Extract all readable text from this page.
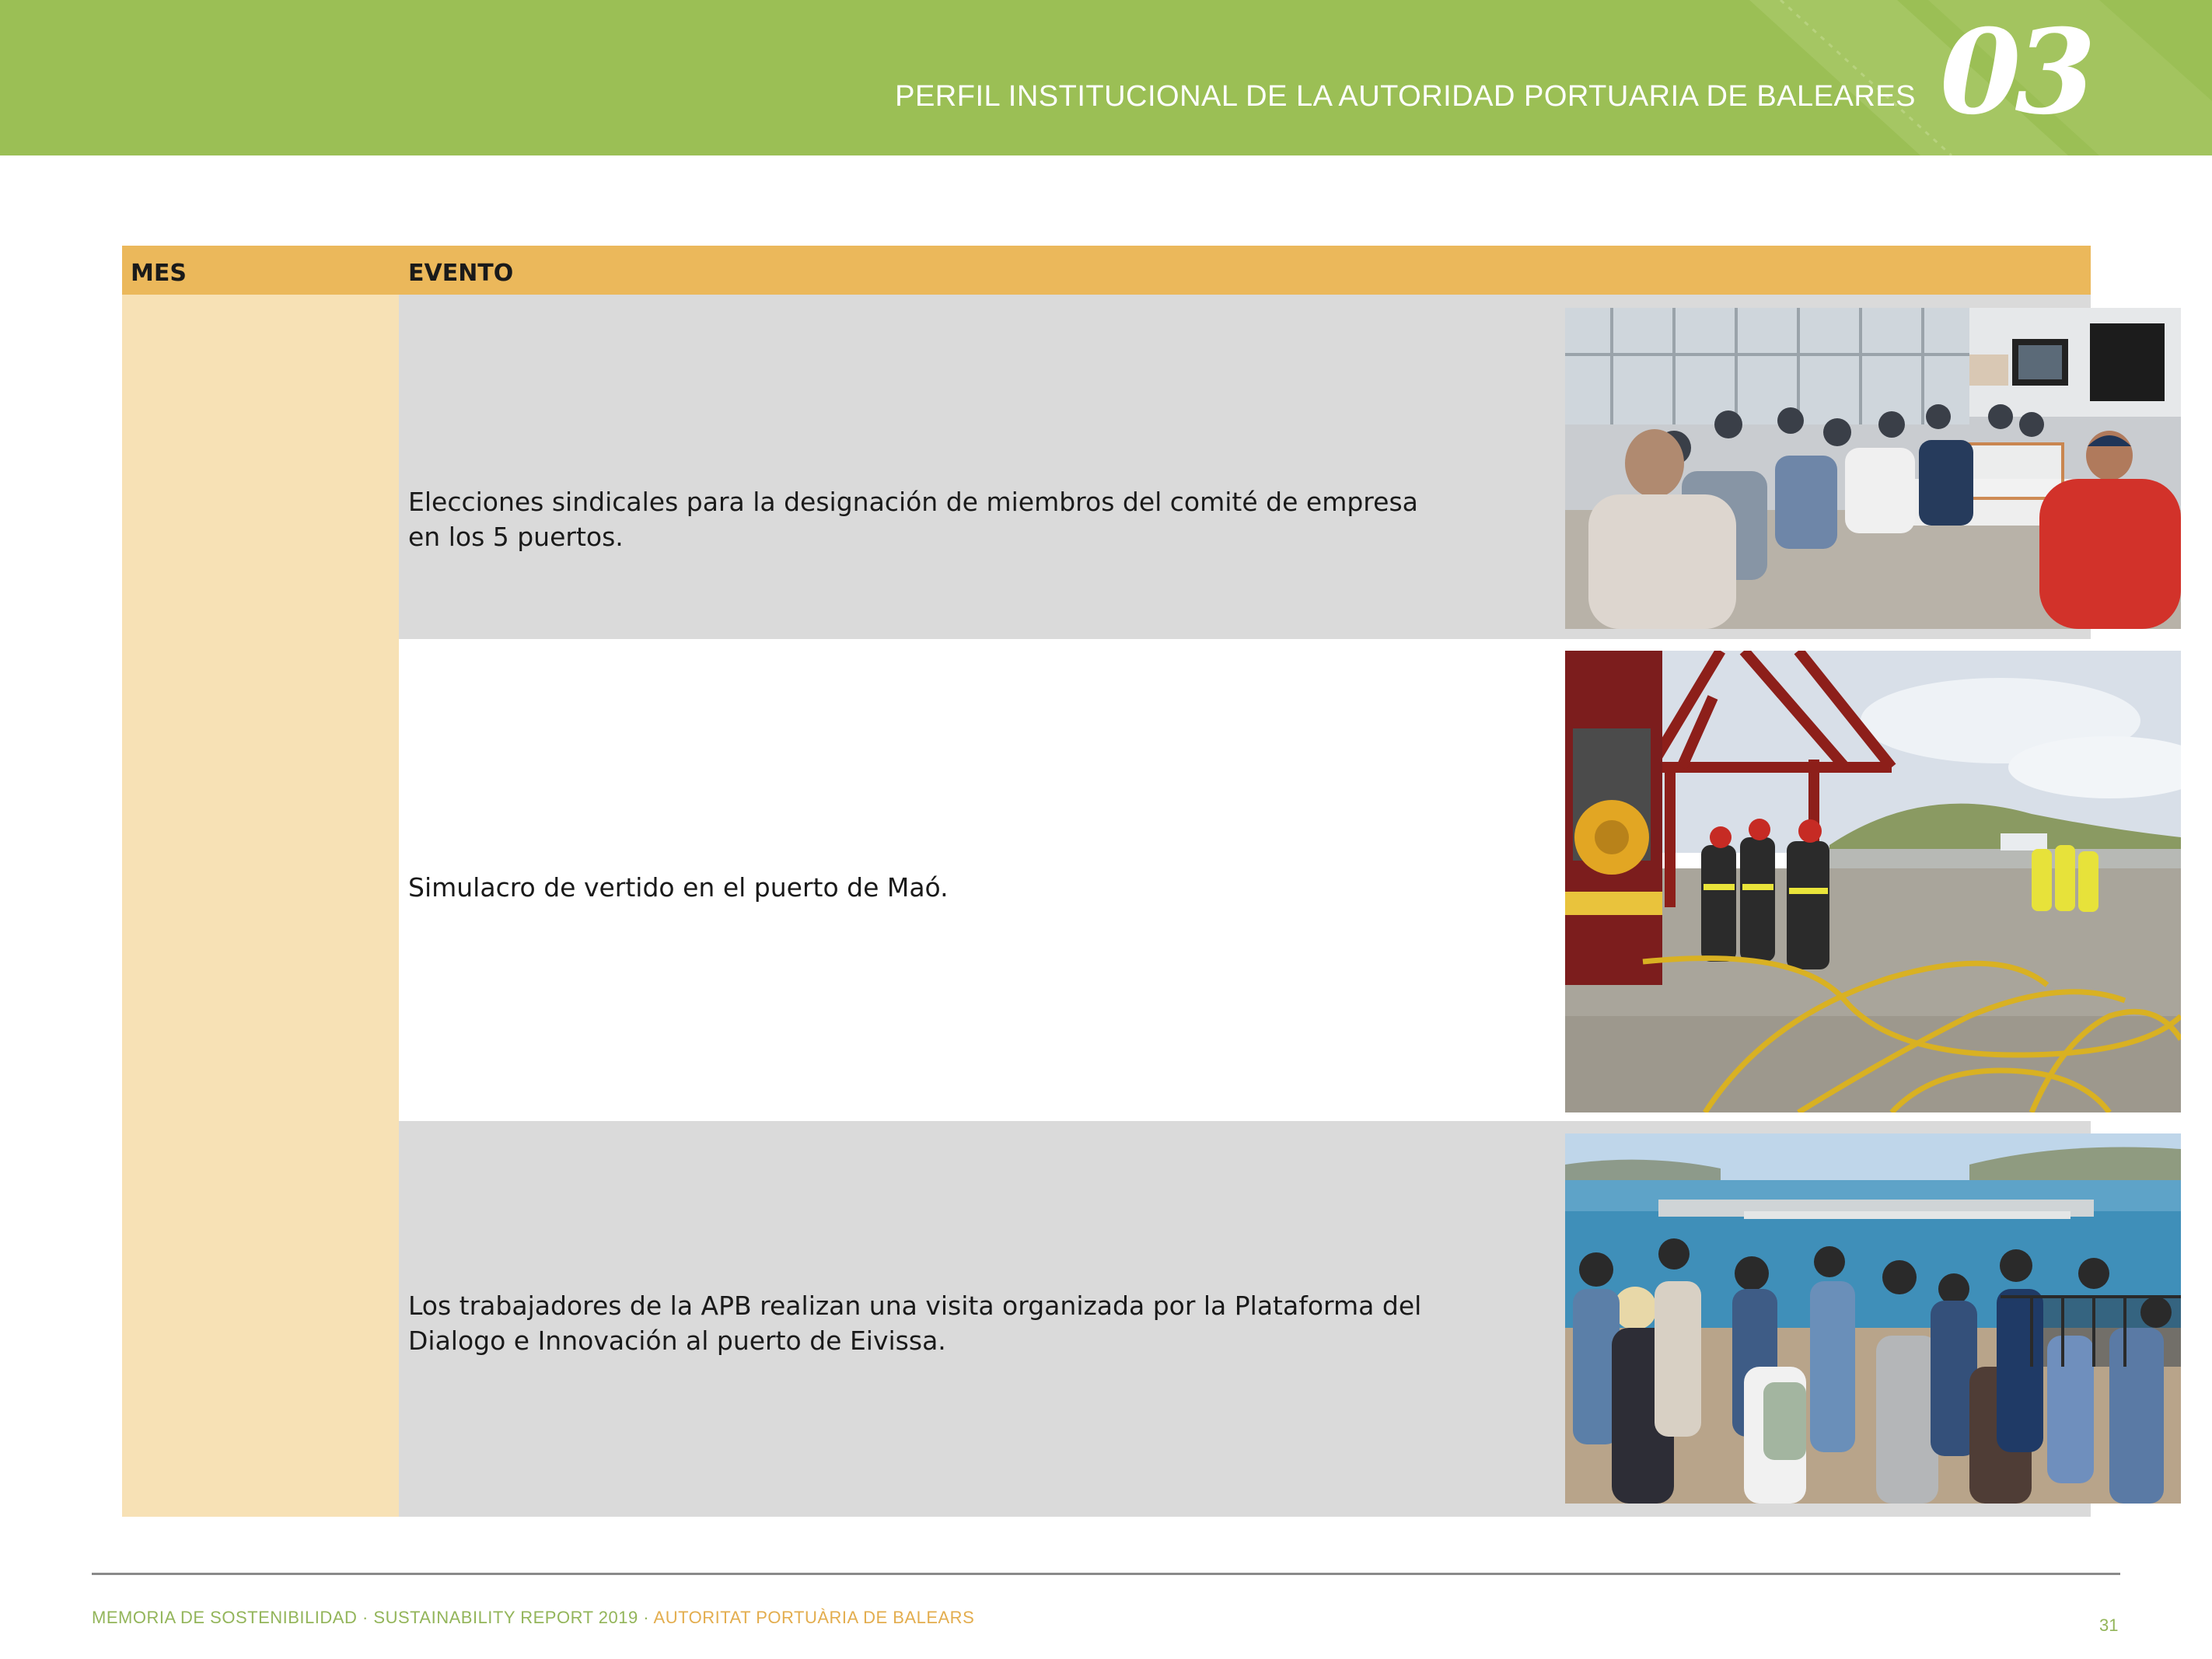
PERFIL INSTITUCIONAL DE LA AUTORIDAD PORTUARIA DE BALEARES 03
MES	EVENTO
Elecciones sindicales para la designación de miembros del comité de empresa en los 5 puertos.
Simulacro de vertido en el puerto de Maó.
Los trabajadores de la APB realizan una visita organizada por la Plataforma del Dialogo e Innovación al puerto de Eivissa.
MEMORIA DE SOSTENIBILIDAD · SUSTAINABILITY REPORT 2019 · AUTORITAT PORTUÀRIA DE BALEARS	31
